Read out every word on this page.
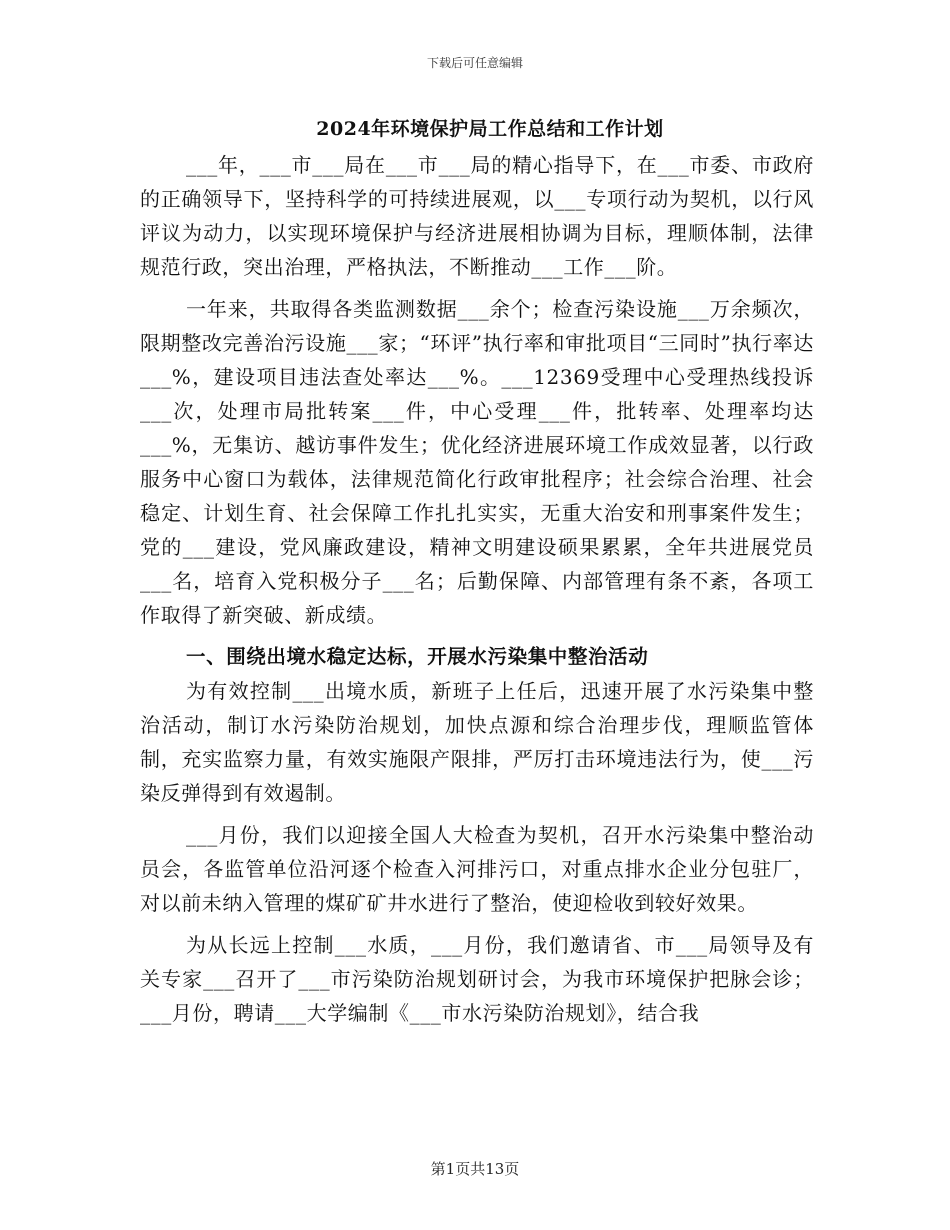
下载后可任意编辑
2024年环境保护局工作总结和工作计划

___年，___市___局在___市___局的精心指导下，在___市委、市政府的正确领导下，坚持科学的可持续进展观，以___专项行动为契机，以行风评议为动力，以实现环境保护与经济进展相协调为目标，理顺体制，法律规范行政，突出治理，严格执法，不断推动___工作___阶。

一年来，共取得各类监测数据___余个；检查污染设施___万余频次，限期整改完善治污设施___家；“环评”执行率和审批项目“三同时”执行率达___%，建设项目违法查处率达___%。___12369受理中心受理热线投诉___次，处理市局批转案___件，中心受理___件，批转率、处理率均达___%，无集访、越访事件发生；优化经济进展环境工作成效显著，以行政服务中心窗口为载体，法律规范简化行政审批程序；社会综合治理、社会稳定、计划生育、社会保障工作扎扎实实，无重大治安和刑事案件发生；党的___建设，党风廉政建设，精神文明建设硕果累累，全年共进展党员___名，培育入党积极分子___名；后勤保障、内部管理有条不紊，各项工作取得了新突破、新成绩。

一、围绕出境水稳定达标，开展水污染集中整治活动

为有效控制___出境水质，新班子上任后，迅速开展了水污染集中整治活动，制订水污染防治规划，加快点源和综合治理步伐，理顺监管体制，充实监察力量，有效实施限产限排，严厉打击环境违法行为，使___污染反弹得到有效遏制。

___月份，我们以迎接全国人大检查为契机，召开水污染集中整治动员会，各监管单位沿河逐个检查入河排污口，对重点排水企业分包驻厂，对以前未纳入管理的煤矿矿井水进行了整治，使迎检收到较好效果。

为从长远上控制___水质，___月份，我们邀请省、市___局领导及有关专家___召开了___市污染防治规划研讨会，为我市环境保护把脉会诊；___月份，聘请___大学编制《___市水污染防治规划》，结合我

第1页共13页
